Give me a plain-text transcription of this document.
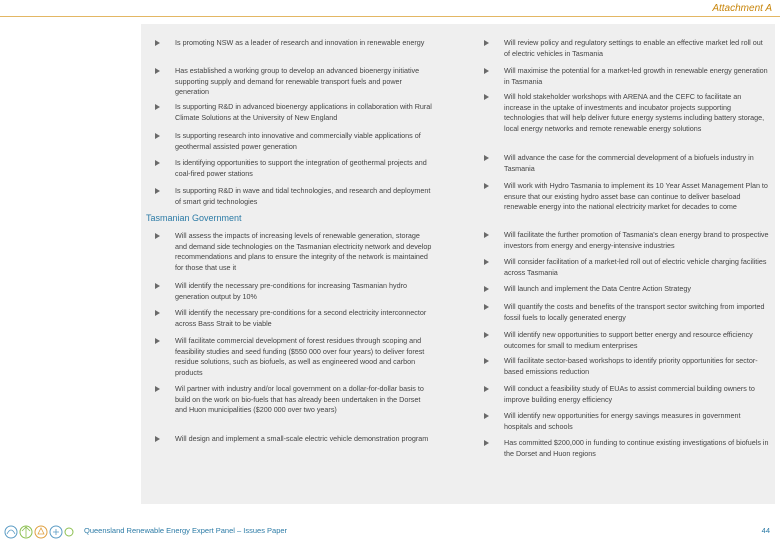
Attachment A
Tasmanian Government
Is promoting NSW as a leader of research and innovation in renewable energy
Has established a working group to develop an advanced bioenergy initiative supporting supply and demand for renewable transport fuels and power generation
Is supporting R&D in advanced bioenergy applications in collaboration with Rural Climate Solutions at the University of New England
Is supporting research into innovative and commercially viable applications of geothermal assisted power generation
Is identifying opportunities to support the integration of geothermal projects and coal-fired power stations
Is supporting R&D in wave and tidal technologies, and research and deployment of smart grid technologies
Will assess the impacts of increasing levels of renewable generation, storage and demand side technologies on the Tasmanian electricity network and develop recommendations and plans to ensure the integrity of the network is maintained for those that use it
Will identify the necessary pre-conditions for increasing Tasmanian hydro generation output by 10%
Will identify the necessary pre-conditions for a second electricity interconnector across Bass Strait to be viable
Will facilitate commercial development of forest residues through scoping and feasibility studies and seed funding ($550 000 over four years) to deliver forest residue solutions, such as biofuels, as well as engineered wood and carbon products
Wil partner with industry and/or local government on a dollar-for-dollar basis to build on the work on bio-fuels that has already been undertaken in the Dorset and Huon municipalities ($200 000 over two years)
Will design and implement a small-scale electric vehicle demonstration program
Will review policy and regulatory settings to enable an effective market led roll out of electric vehicles in Tasmania
Will maximise the potential for a market-led growth in renewable energy generation in Tasmania
Will hold stakeholder workshops with ARENA and the CEFC to facilitate an increase in the uptake of investments and incubator projects supporting technologies that will help deliver future energy systems including battery storage, local energy networks and remote renewable energy solutions
Will advance the case for the commercial development of a biofuels industry in Tasmania
Will work with Hydro Tasmania to implement its 10 Year Asset Management Plan to ensure that our existing hydro asset base can continue to deliver baseload renewable energy into the national electricity market for decades to come
Will facilitate the further promotion of Tasmania's clean energy brand to prospective investors from energy and energy-intensive industries
Will consider facilitation of a market-led roll out of electric vehicle charging facilities across Tasmania
Will launch and implement the Data Centre Action Strategy
Will quantify the costs and benefits of the transport sector switching from imported fossil fuels to locally generated energy
Will identify new opportunities to support better energy and resource efficiency outcomes for small to medium enterprises
Will facilitate sector-based workshops to identify priority opportunities for sector-based emissions reduction
Will conduct a feasibility study of EUAs to assist commercial building owners to improve building energy efficiency
Will identify new opportunities for energy savings measures in government hospitals and schools
Has committed $200,000 in funding to continue existing investigations of biofuels in the Dorset and Huon regions
Queensland Renewable Energy Expert Panel – Issues Paper	44
